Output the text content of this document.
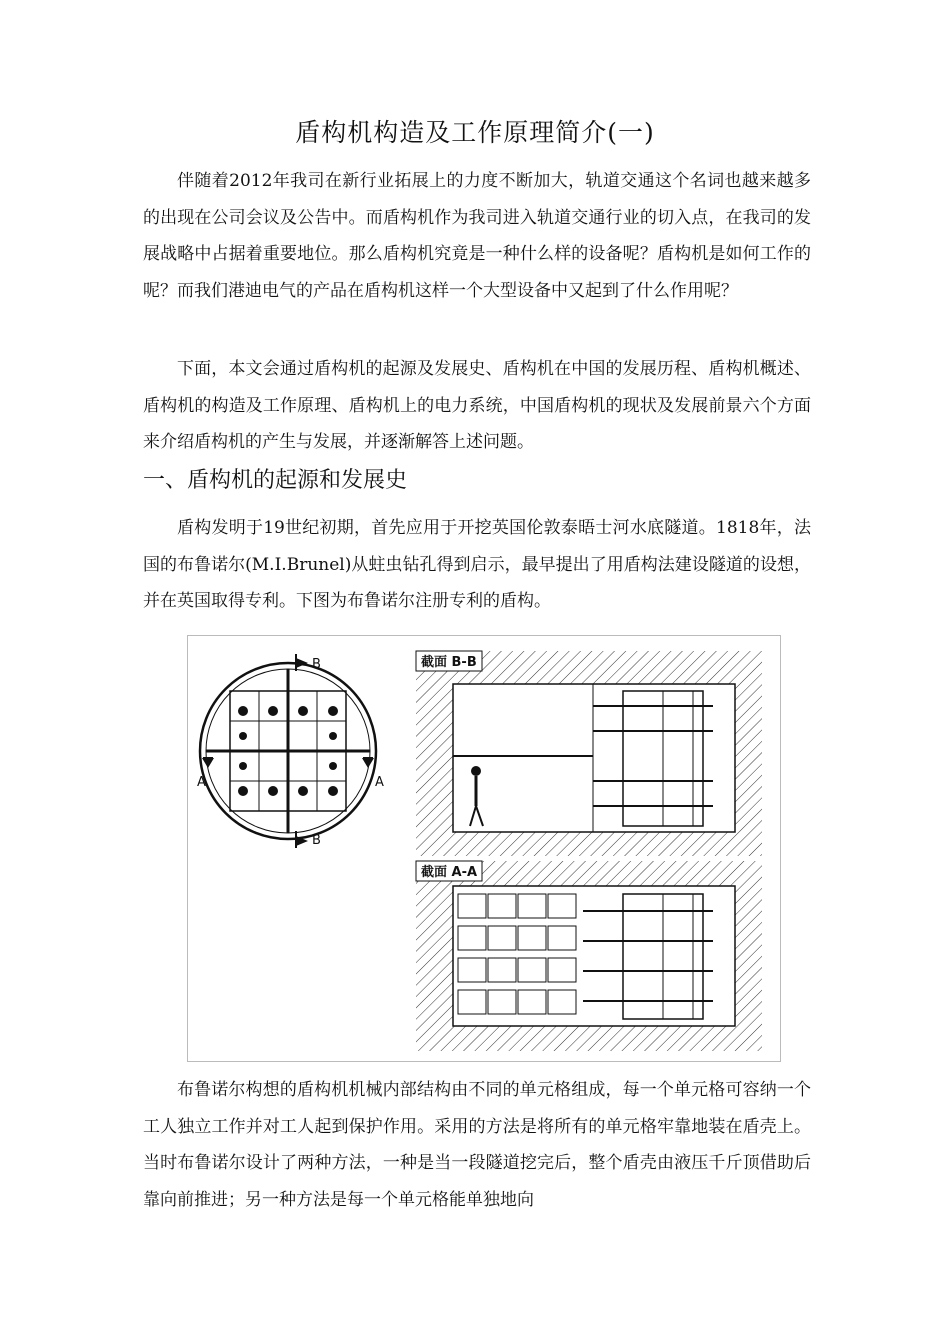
盾构机构造及工作原理简介(一)

伴随着2012年我司在新行业拓展上的力度不断加大，轨道交通这个名词也越来越多的出现在公司会议及公告中。而盾构机作为我司进入轨道交通行业的切入点，在我司的发展战略中占据着重要地位。那么盾构机究竟是一种什么样的设备呢？盾构机是如何工作的呢？而我们港迪电气的产品在盾构机这样一个大型设备中又起到了什么作用呢？

下面，本文会通过盾构机的起源及发展史、盾构机在中国的发展历程、盾构机概述、盾构机的构造及工作原理、盾构机上的电力系统，中国盾构机的现状及发展前景六个方面来介绍盾构机的产生与发展，并逐渐解答上述问题。

一、盾构机的起源和发展史

盾构发明于19世纪初期，首先应用于开挖英国伦敦泰晤士河水底隧道。1818年，法国的布鲁诺尔(M.I.Brunel)从蛀虫钻孔得到启示，最早提出了用盾构法建设隧道的设想，并在英国取得专利。下图为布鲁诺尔注册专利的盾构。

B
B
A	A
截面 B-B
截面 A-A

布鲁诺尔构想的盾构机机械内部结构由不同的单元格组成，每一个单元格可容纳一个工人独立工作并对工人起到保护作用。采用的方法是将所有的单元格牢靠地装在盾壳上。当时布鲁诺尔设计了两种方法，一种是当一段隧道挖完后，整个盾壳由液压千斤顶借助后靠向前推进；另一种方法是每一个单元格能单独地向
